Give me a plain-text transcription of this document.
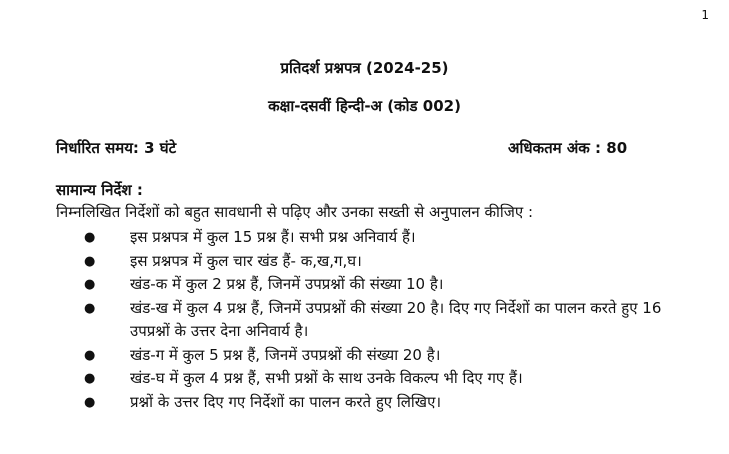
1
प्रतिदर्श प्रश्नपत्र (2024-25)
कक्षा-दसवीं हिन्दी-अ (कोड 002)
निर्धारित समय: 3 घंटे	अधिकतम अंक : 80
सामान्य निर्देश :
निम्नलिखित निर्देशों को बहुत सावधानी से पढ़िए और उनका सख्ती से अनुपालन कीजिए :
● इस प्रश्नपत्र में कुल 15 प्रश्न हैं। सभी प्रश्न अनिवार्य हैं।
● इस प्रश्नपत्र में कुल चार खंड हैं- क,ख,ग,घ।
● खंड-क में कुल 2 प्रश्न हैं, जिनमें उपप्रश्नों की संख्या 10 है।
● खंड-ख में कुल 4 प्रश्न हैं, जिनमें उपप्रश्नों की संख्या 20 है। दिए गए निर्देशों का पालन करते हुए 16 उपप्रश्नों के उत्तर देना अनिवार्य है।
● खंड-ग में कुल 5 प्रश्न हैं, जिनमें उपप्रश्नों की संख्या 20 है।
● खंड-घ में कुल 4 प्रश्न हैं, सभी प्रश्नों के साथ उनके विकल्प भी दिए गए हैं।
● प्रश्नों के उत्तर दिए गए निर्देशों का पालन करते हुए लिखिए।
